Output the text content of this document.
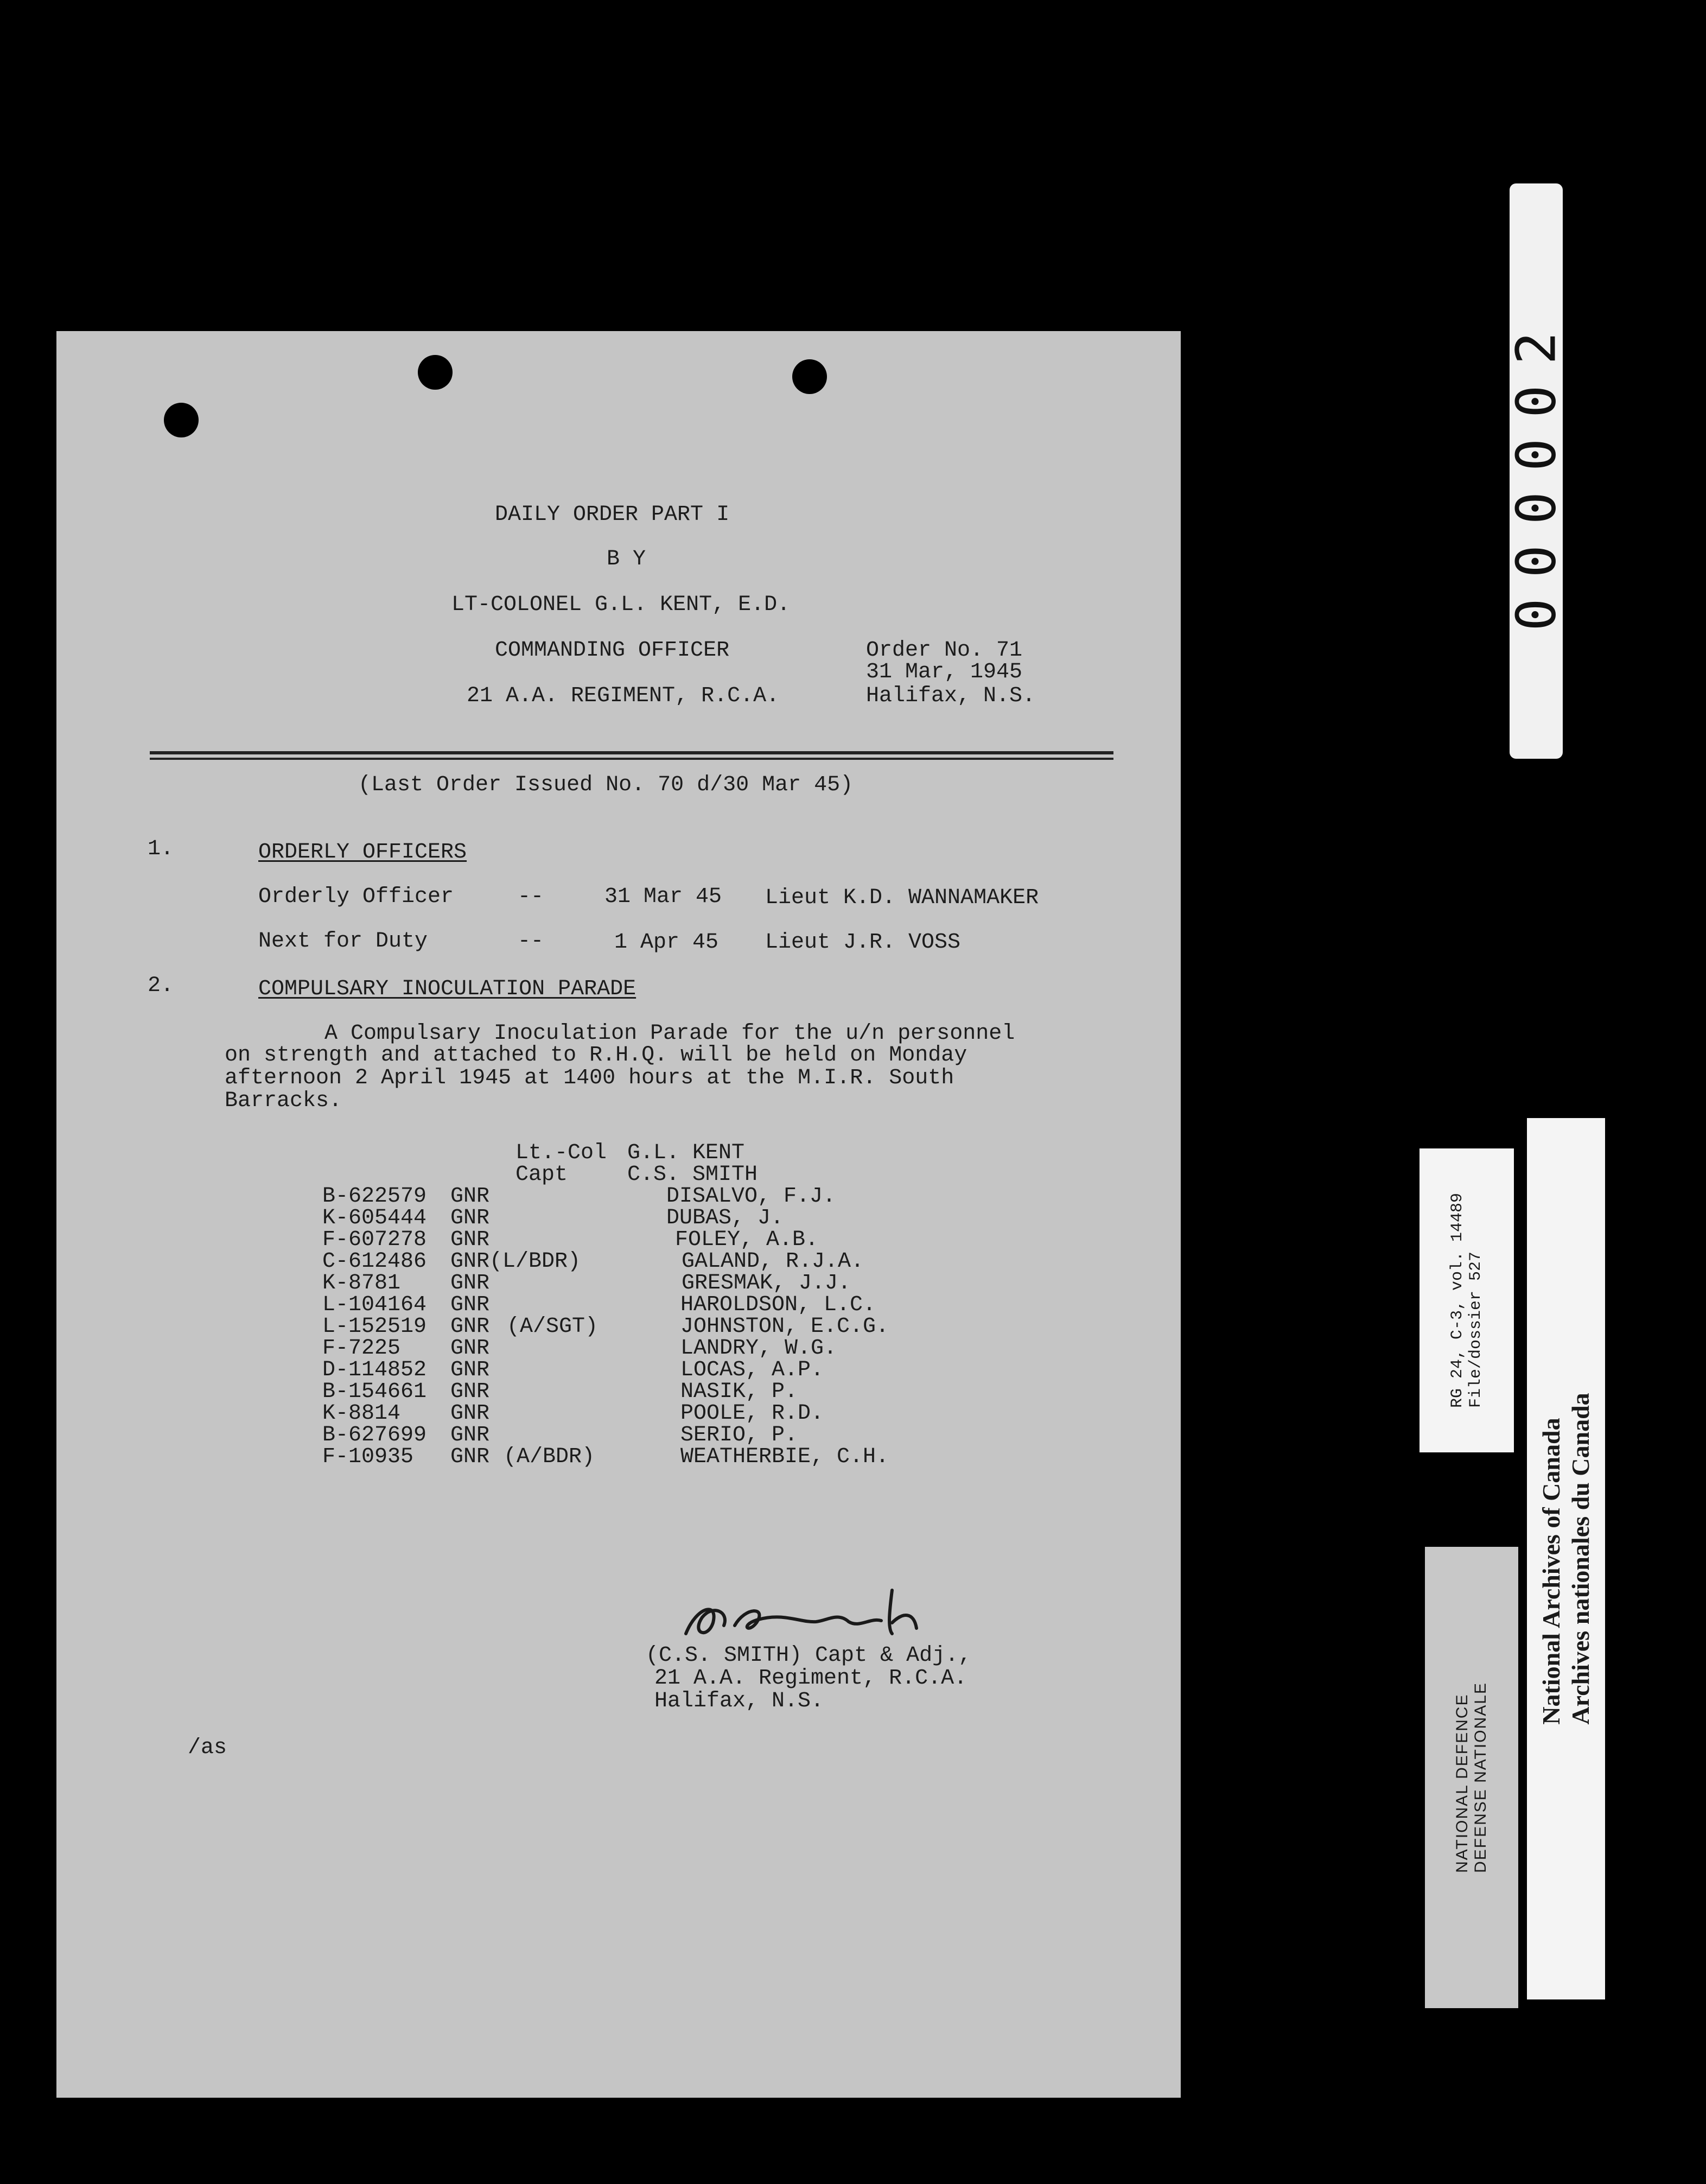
DAILY ORDER PART I
B Y
LT-COLONEL G.L. KENT, E.D.
COMMANDING OFFICER
21 A.A. REGIMENT, R.C.A.
Order No. 71
31 Mar, 1945
Halifax, N.S.
(Last Order Issued No. 70 d/30 Mar 45)
1.	ORDERLY OFFICERS
Orderly Officer	--	31 Mar 45 Lieut K.D. WANNAMAKER
Next for Duty	--	1 Apr 45 Lieut J.R. VOSS
2.	COMPULSARY INOCULATION PARADE
A Compulsary Inoculation Parade for the u/n personnel
on strength and attached to R.H.Q. will be held on Monday
afternoon 2 April 1945 at 1400 hours at the M.I.R. South
Barracks.
Lt.-Col G.L. KENT
Capt	C.S. SMITH
B-622579 GNR	DISALVO, F.J.
K-605444 GNR	DUBAS, J.
F-607278 GNR	FOLEY, A.B.
C-612486 GNR (L/BDR)	GALAND, R.J.A.
K-8781 GNR	GRESMAK, J.J.
L-104164 GNR	HAROLDSON, L.C.
L-152519 GNR (A/SGT)	JOHNSTON, E.C.G.
F-7225 GNR	LANDRY, W.G.
D-114852 GNR	LOCAS, A.P.
B-154661 GNR	NASIK, P.
K-8814 GNR	POOLE, R.D.
B-627699 GNR	SERIO, P.
F-10935 GNR (A/BDR)	WEATHERBIE, C.H.
(C.S. SMITH) Capt & Adj.,
21 A.A. Regiment, R.C.A.
Halifax, N.S.
/as
000002
RG 24, C-3, vol. 14489
File/dossier 527
NATIONAL DEFENCE
DEFENSE NATIONALE
National Archives of Canada
Archives nationales du Canada
